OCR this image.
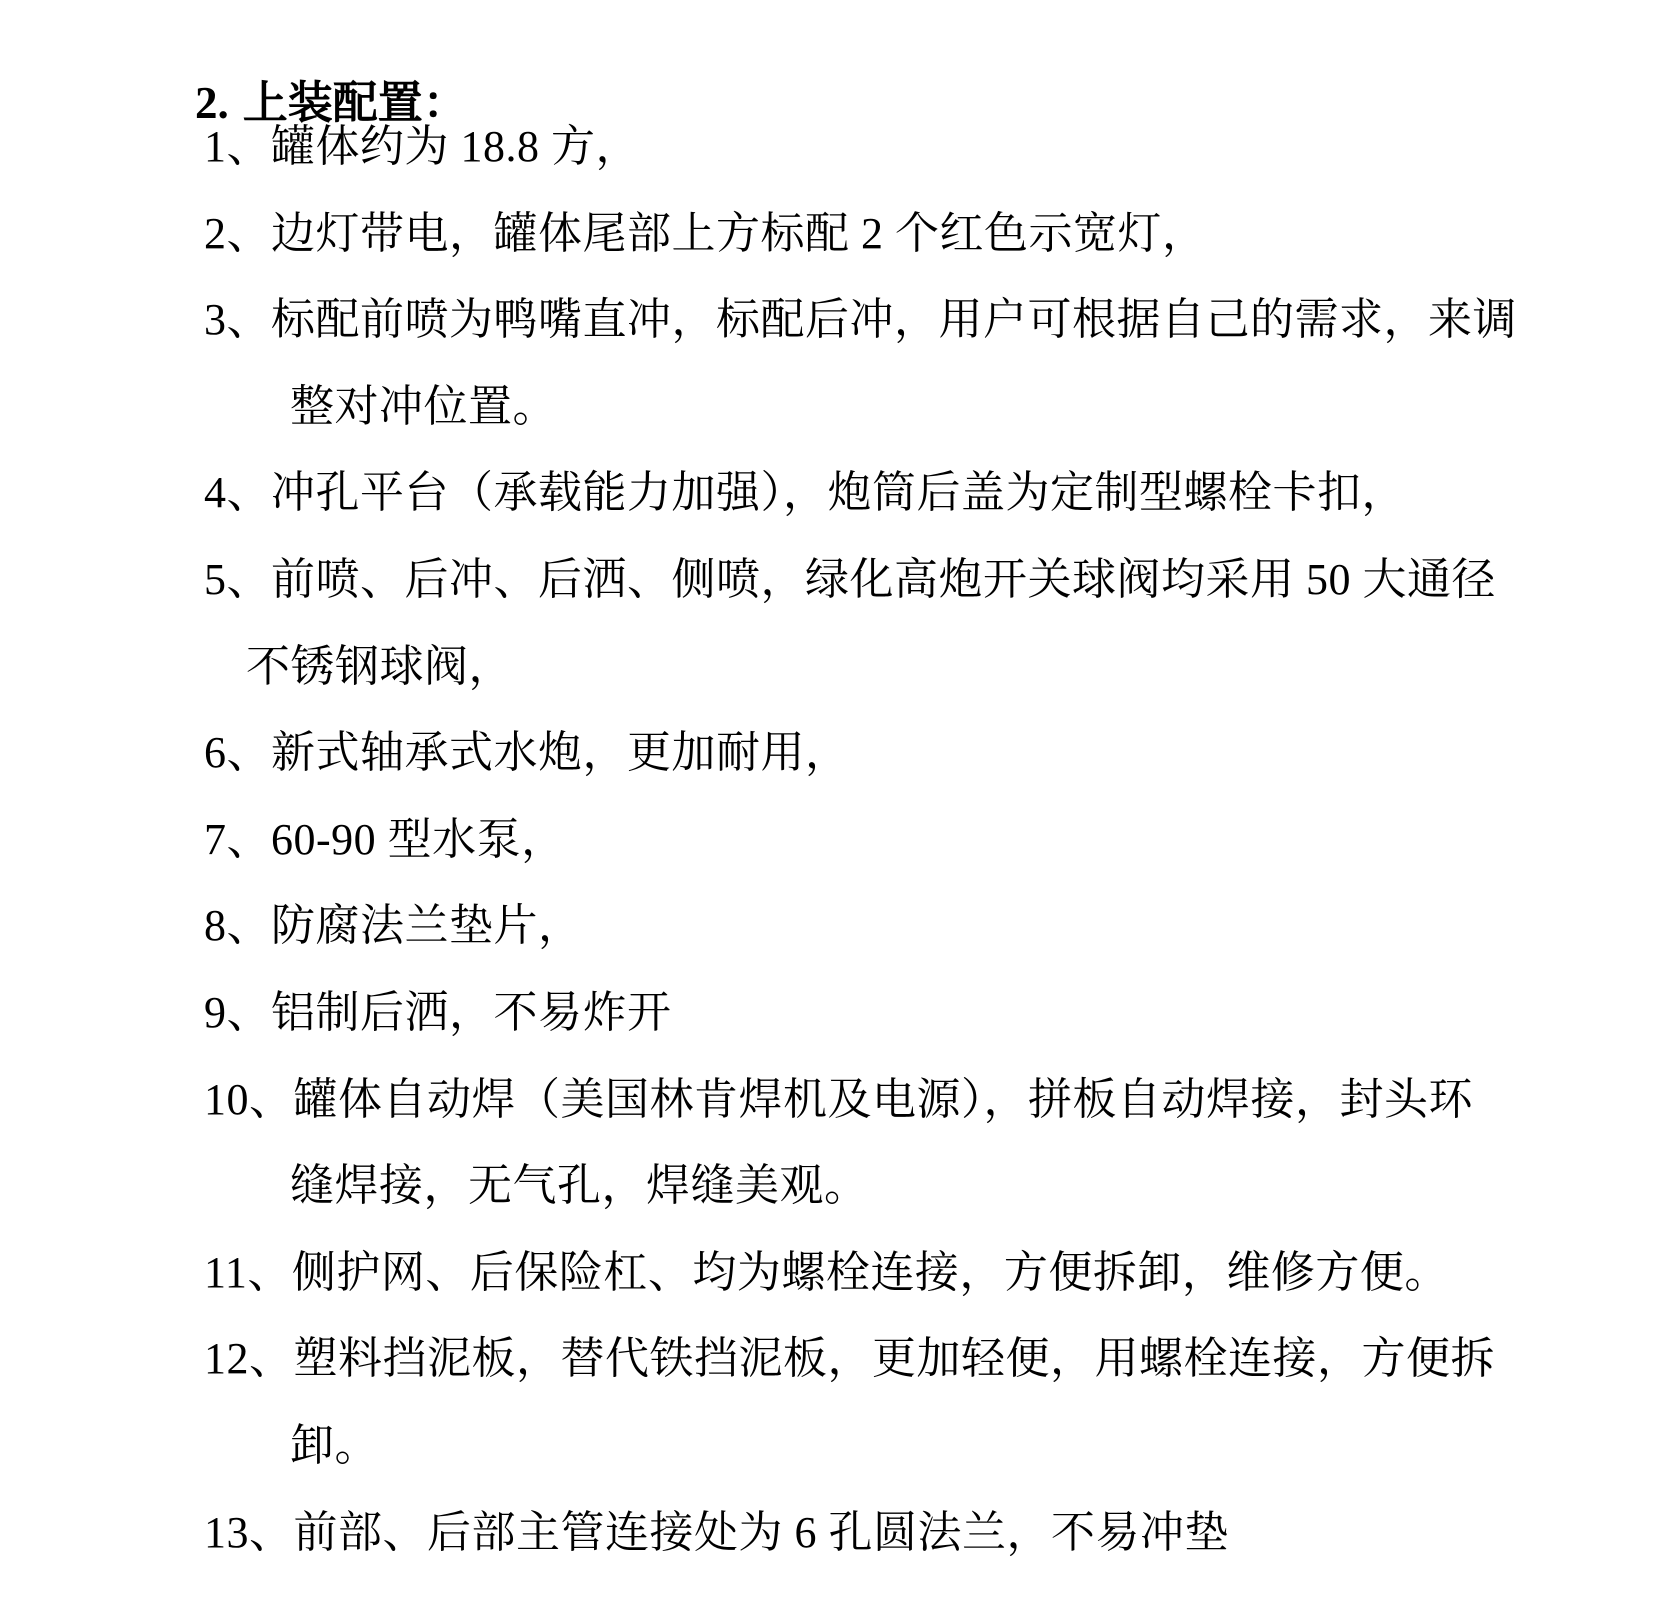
2. 上装配置：

1、罐体约为 18.8 方，
2、边灯带电，罐体尾部上方标配 2 个红色示宽灯，
3、标配前喷为鸭嘴直冲，标配后冲，用户可根据自己的需求，来调
整对冲位置。
4、冲孔平台（承载能力加强），炮筒后盖为定制型螺栓卡扣，
5、前喷、后冲、后洒、侧喷，绿化高炮开关球阀均采用 50 大通径
不锈钢球阀，
6、新式轴承式水炮，更加耐用，
7、60-90 型水泵，
8、防腐法兰垫片，
9、铝制后洒，不易炸开
10、罐体自动焊（美国林肯焊机及电源），拼板自动焊接，封头环
缝焊接，无气孔，焊缝美观。
11、侧护网、后保险杠、均为螺栓连接，方便拆卸，维修方便。
12、塑料挡泥板，替代铁挡泥板，更加轻便，用螺栓连接，方便拆
卸。
13、前部、后部主管连接处为 6 孔圆法兰，不易冲垫
